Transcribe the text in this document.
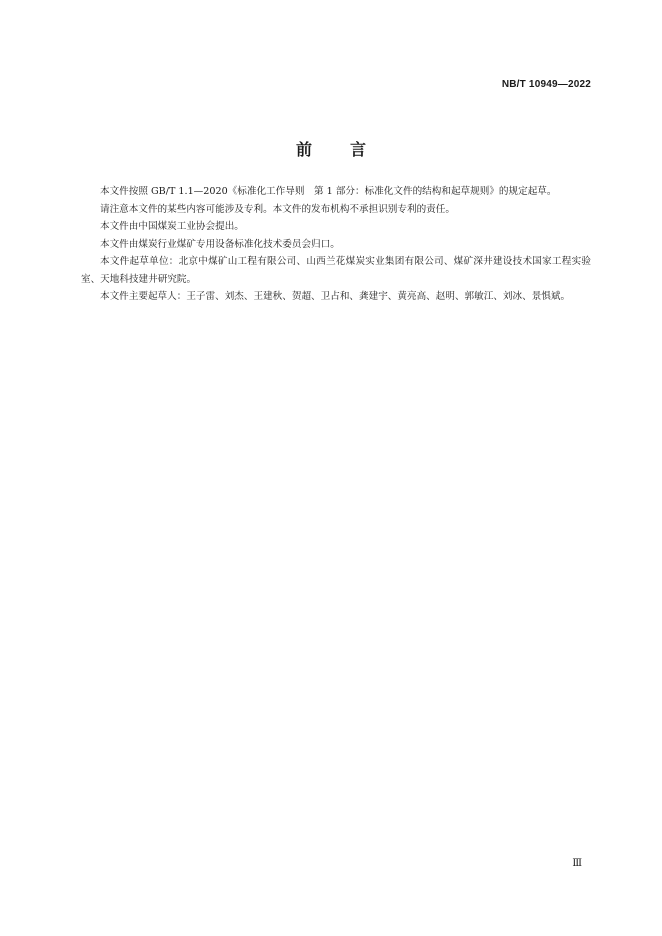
NB/T 10949—2022
前言

本文件按照 GB/T 1.1—2020《标准化工作导则　第 1 部分：标准化文件的结构和起草规则》的规定起草。

请注意本文件的某些内容可能涉及专利。本文件的发布机构不承担识别专利的责任。

本文件由中国煤炭工业协会提出。

本文件由煤炭行业煤矿专用设备标准化技术委员会归口。

本文件起草单位：北京中煤矿山工程有限公司、山西兰花煤炭实业集团有限公司、煤矿深井建设技术国家工程实验室、天地科技建井研究院。

本文件主要起草人：王子雷、刘杰、王建秋、贺超、卫占和、龚建宇、黄亮高、赵明、郭敏江、刘冰、景惧斌。

Ⅲ
